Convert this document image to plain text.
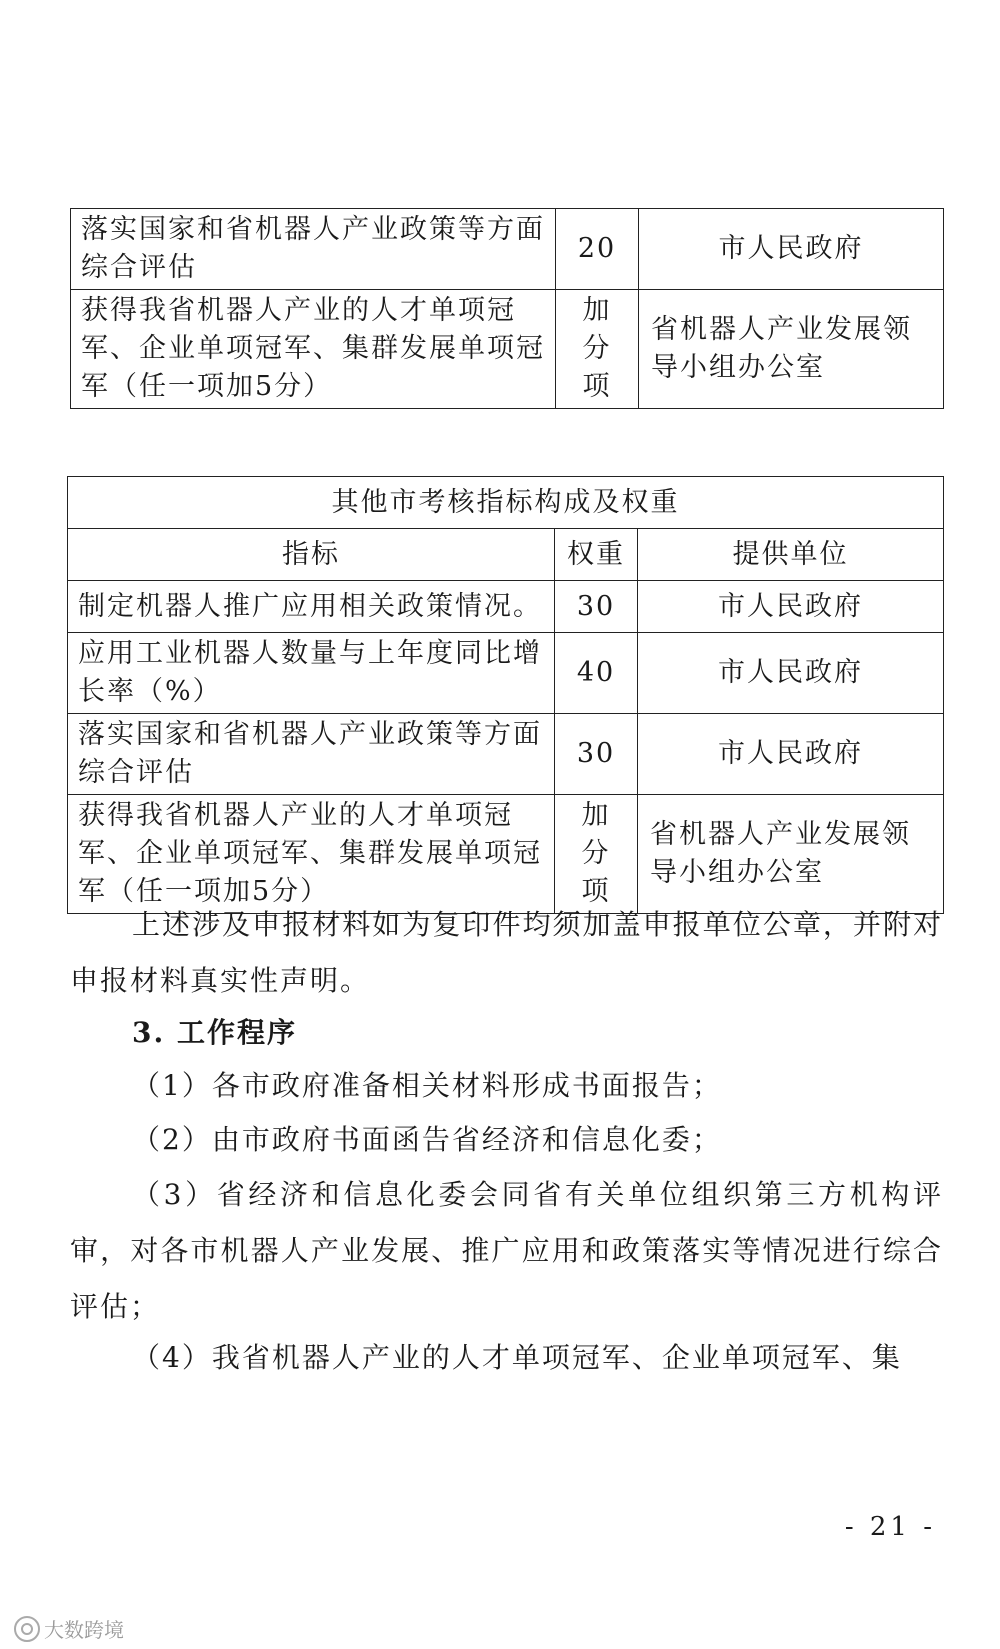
落实国家和省机器人产业政策等方面综合评估	20	市人民政府
获得我省机器人产业的人才单项冠军、企业单项冠军、集群发展单项冠军（任一项加5分）	加分项	省机器人产业发展领导小组办公室
其他市考核指标构成及权重		
指标	权重	提供单位
制定机器人推广应用相关政策情况。	30	市人民政府
应用工业机器人数量与上年度同比增长率（%）	40	市人民政府
落实国家和省机器人产业政策等方面综合评估	30	市人民政府
获得我省机器人产业的人才单项冠军、企业单项冠军、集群发展单项冠军（任一项加5分）	加分项	省机器人产业发展领导小组办公室

上述涉及申报材料如为复印件均须加盖申报单位公章，并附对申报材料真实性声明。

3. 工作程序

（1）各市政府准备相关材料形成书面报告；

（2）由市政府书面函告省经济和信息化委；

（3）省经济和信息化委会同省有关单位组织第三方机构评审，对各市机器人产业发展、推广应用和政策落实等情况进行综合评估；

（4）我省机器人产业的人才单项冠军、企业单项冠军、集

- 21 -
大数跨境
